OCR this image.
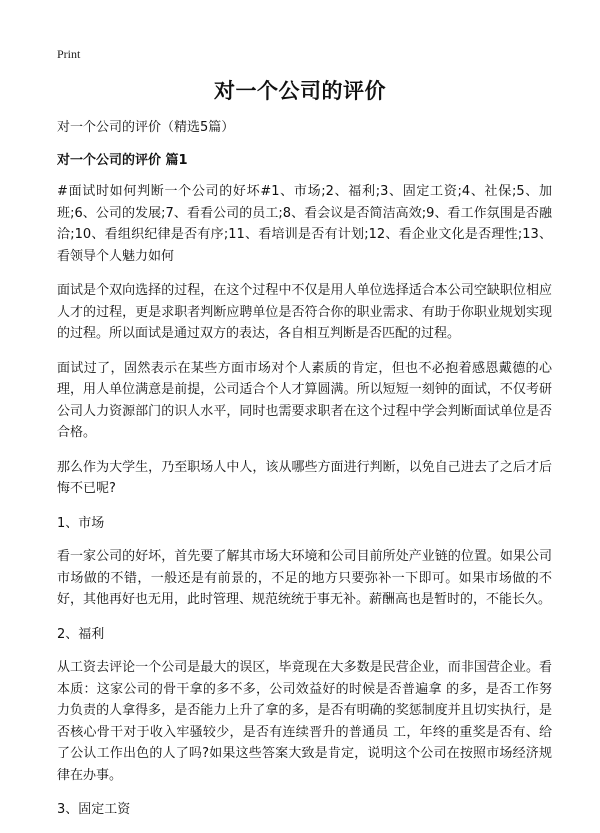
Print
对一个公司的评价
对一个公司的评价（精选5篇）
对一个公司的评价 篇1

#面试时如何判断一个公司的好坏#1、市场;2、福利;3、固定工资;4、社保;5、加班;6、公司的发展;7、看看公司的员工;8、看会议是否简洁高效;9、看工作氛围是否融洽;10、看组织纪律是否有序;11、看培训是否有计划;12、看企业文化是否理性;13、看领导个人魅力如何

面试是个双向选择的过程，在这个过程中不仅是用人单位选择适合本公司空缺职位相应人才的过程，更是求职者判断应聘单位是否符合你的职业需求、有助于你职业规划实现的过程。所以面试是通过双方的表达，各自相互判断是否匹配的过程。

面试过了，固然表示在某些方面市场对个人素质的肯定，但也不必抱着感恩戴德的心理，用人单位满意是前提，公司适合个人才算圆满。所以短短一刻钟的面试，不仅考研公司人力资源部门的识人水平，同时也需要求职者在这个过程中学会判断面试单位是否合格。

那么作为大学生，乃至职场人中人，该从哪些方面进行判断，以免自己进去了之后才后悔不已呢?

1、市场

看一家公司的好坏，首先要了解其市场大环境和公司目前所处产业链的位置。如果公司市场做的不错，一般还是有前景的，不足的地方只要弥补一下即可。如果市场做的不好，其他再好也无用，此时管理、规范统统于事无补。薪酬高也是暂时的，不能长久。

2、福利

从工资去评论一个公司是最大的误区，毕竟现在大多数是民营企业，而非国营企业。看本质：这家公司的骨干拿的多不多，公司效益好的时候是否普遍拿 的多，是否工作努力负责的人拿得多，是否能力上升了拿的多，是否有明确的奖惩制度并且切实执行，是否核心骨干对于收入牢骚较少，是否有连续晋升的普通员 工，年终的重奖是否有、给了公认工作出色的人了吗?如果这些答案大致是肯定，说明这个公司在按照市场经济规律在办事。

3、固定工资
